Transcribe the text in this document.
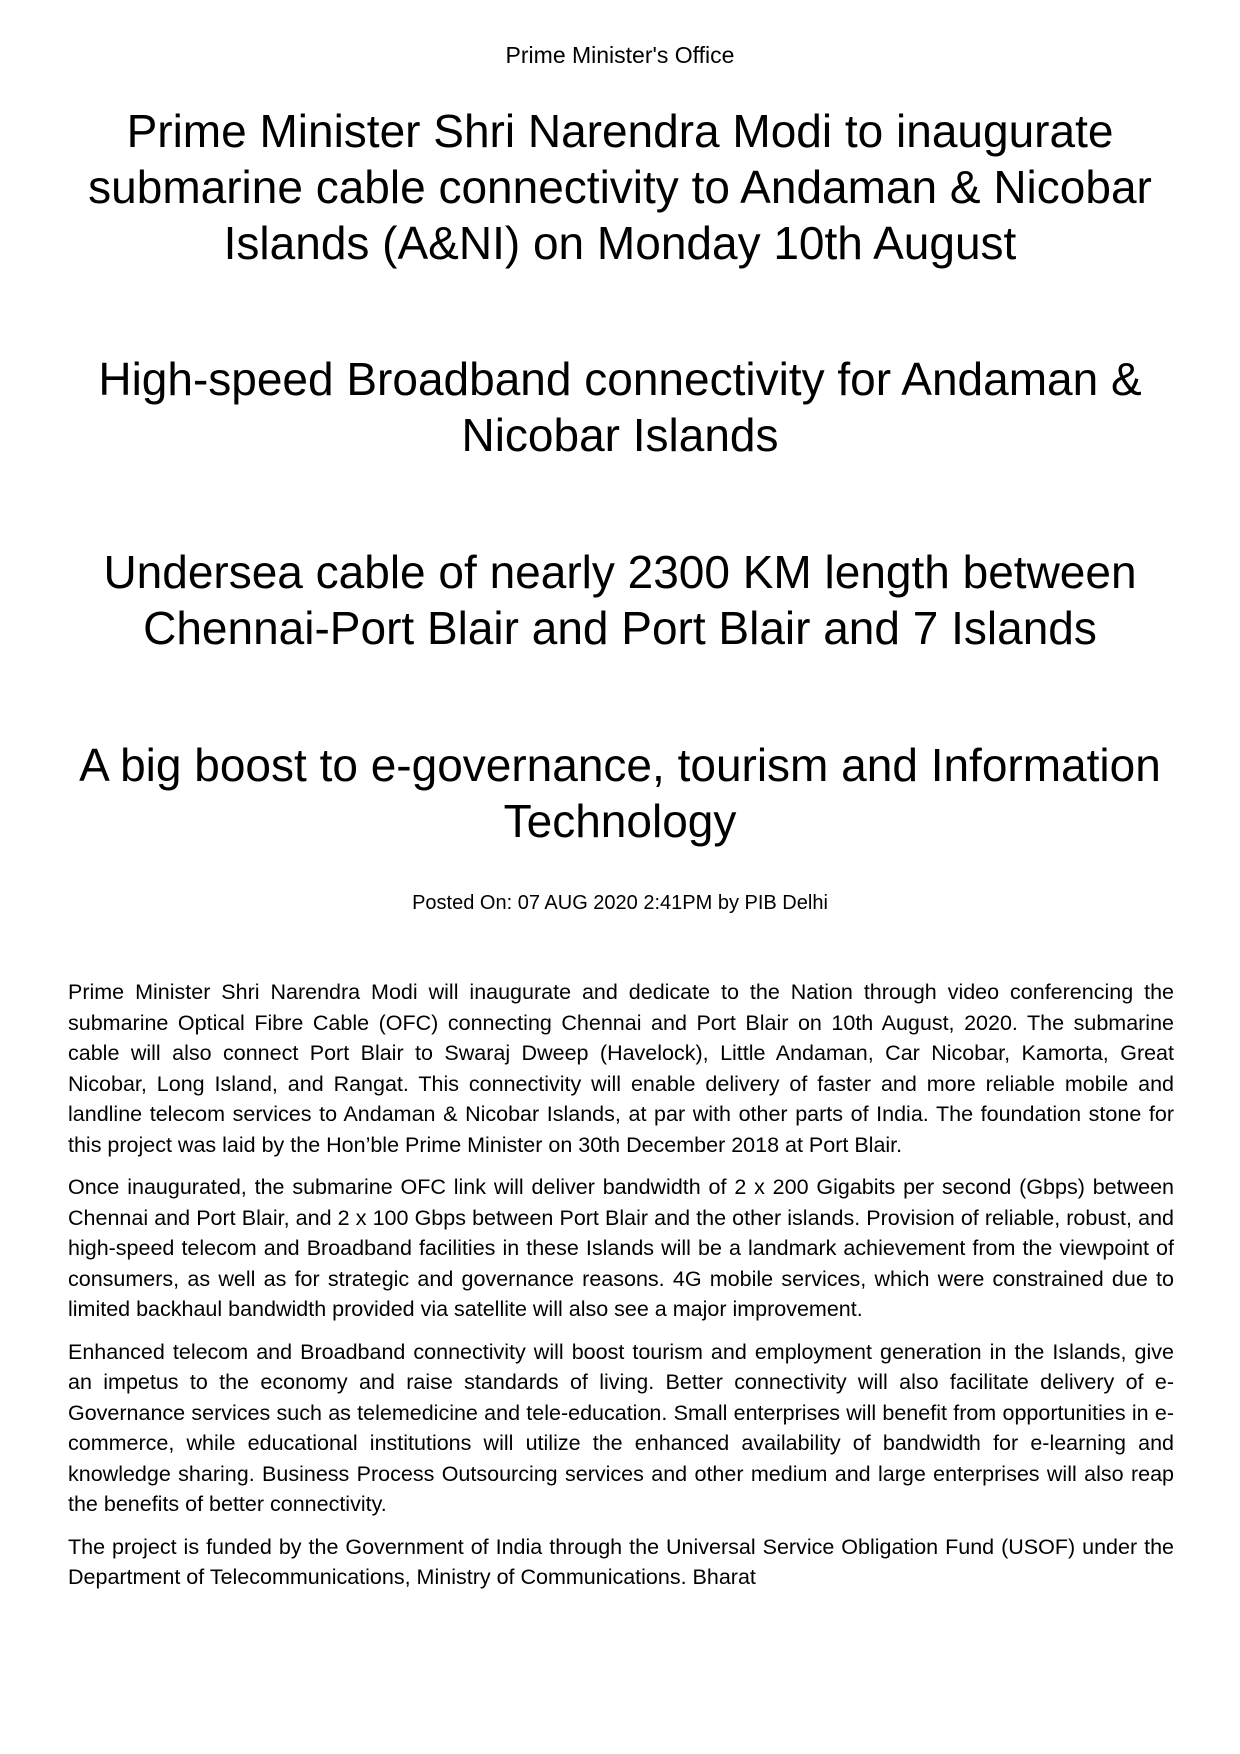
Prime Minister's Office
Prime Minister Shri Narendra Modi to inaugurate submarine cable connectivity to Andaman & Nicobar Islands (A&NI) on Monday 10th August
High-speed Broadband connectivity for Andaman & Nicobar Islands
Undersea cable of nearly 2300 KM length between Chennai-Port Blair and Port Blair and 7 Islands
A big boost to e-governance, tourism and Information Technology
Posted On: 07 AUG 2020 2:41PM by PIB Delhi

Prime Minister Shri Narendra Modi will inaugurate and dedicate to the Nation through video conferencing the submarine Optical Fibre Cable (OFC) connecting Chennai and Port Blair on 10th August, 2020. The submarine cable will also connect Port Blair to Swaraj Dweep (Havelock), Little Andaman, Car Nicobar, Kamorta, Great Nicobar, Long Island, and Rangat. This connectivity will enable delivery of faster and more reliable mobile and landline telecom services to Andaman & Nicobar Islands, at par with other parts of India. The foundation stone for this project was laid by the Hon’ble Prime Minister on 30th December 2018 at Port Blair.

Once inaugurated, the submarine OFC link will deliver bandwidth of 2 x 200 Gigabits per second (Gbps) between Chennai and Port Blair, and 2 x 100 Gbps between Port Blair and the other islands. Provision of reliable, robust, and high-speed telecom and Broadband facilities in these Islands will be a landmark achievement from the viewpoint of consumers, as well as for strategic and governance reasons. 4G mobile services, which were constrained due to limited backhaul bandwidth provided via satellite will also see a major improvement.

Enhanced telecom and Broadband connectivity will boost tourism and employment generation in the Islands, give an impetus to the economy and raise standards of living. Better connectivity will also facilitate delivery of e-Governance services such as telemedicine and tele-education. Small enterprises will benefit from opportunities in e-commerce, while educational institutions will utilize the enhanced availability of bandwidth for e-learning and knowledge sharing. Business Process Outsourcing services and other medium and large enterprises will also reap the benefits of better connectivity.

The project is funded by the Government of India through the Universal Service Obligation Fund (USOF) under the Department of Telecommunications, Ministry of Communications. Bharat
